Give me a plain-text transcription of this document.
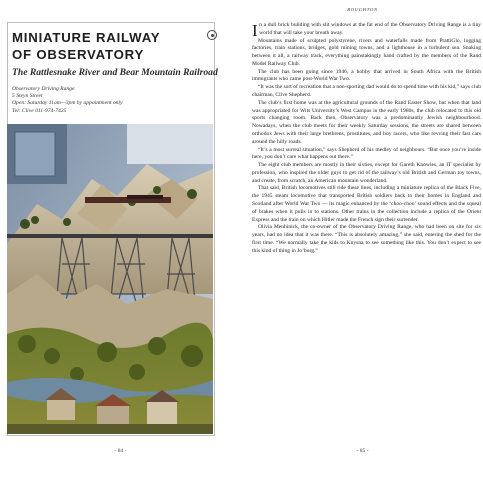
MINIATURE RAILWAY
OF OBSERVATORY
The Rattlesnake River and Bear Mountain Railroad
Observatory Driving Range
5 Steyn Street
Open: Saturday 11am—3pm by appointment only
Tel: Clive 011-974-7425
- 84 -
BOUGHTON

In a dull brick building with slit windows at the far end of the Observatory Driving Range is a tiny world that will take your breath away.

Mountains made of sculpted polystyrene, rivers and waterfalls made from PrattiGlo, logging factories, train stations, bridges, gold mining towns, and a lighthouse in a turbulent sea. Snaking between it all, a railway track, everything painstakingly hand crafted by the members of the Rand Model Railway Club.

The club has been going since 1946, a hobby that arrived in South Africa with the British immigrants who came post-World War Two.

“It was the sort of recreation that a non-sporting dad would do to spend time with his kid,” says club chairman, Clive Shepherd.

The club’s first home was at the agricultural grounds of the Rand Easter Show, but when that land was appropriated for Wits University’s West Campus in the early 1980s, the club relocated to this old sports changing room. Back then, Observatory was a predominantly Jewish neighbourhood. Nowadays, when the club meets for their weekly Saturday sessions, the streets are shared between orthodox Jews with their large brethrens, prostitutes, and boy racers, who like revving their fast cars around the hilly roads.

“It’s a most surreal situation,” says Shepherd of his medley of neighbours. “But once you’re inside here, you don’t care what happens out there.”

The eight club members are mostly in their sixties, except for Gareth Knowles, an IT specialist by profession, who inspired the older guys to get rid of the railway’s old British and German toy towns, and create, from scratch, an American mountain wonderland.

That said, British locomotives still ride these lines, including a miniature replica of the Black Five, the 1945 steam locomotive that transported British soldiers back to their homes in England and Scotland after World War Two — its magic enhanced by the ‘choo-choo’ sound effects and the squeal of brakes when it pulls in to stations. Other trains in the collection include a replica of the Orient Express and the train on which Hitler made the French sign their surrender.

Olivia Menhinick, the co-owner of the Observatory Driving Range, who had been on site for six years, had no idea that it was there. “This is absolutely amazing,” she said, entering the shed for the first time. “We normally take the kids to Knysna to see something like this. You don’t expect to see this kind of thing in Jo’burg.”

- 85 -
